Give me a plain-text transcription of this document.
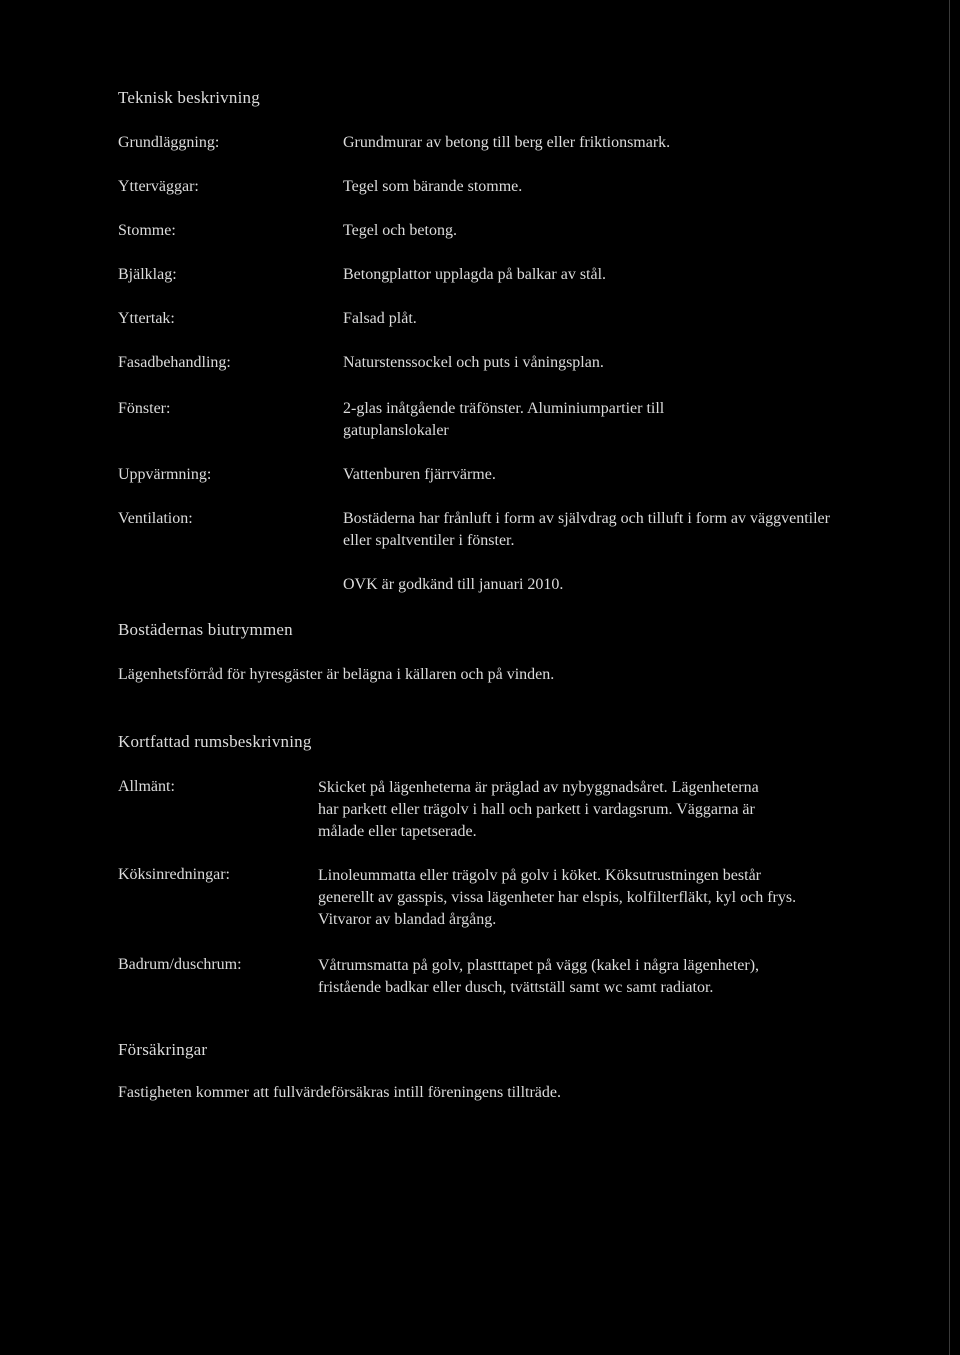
Teknisk beskrivning
Grundläggning:	Grundmurar av betong till berg eller friktionsmark.
Ytterväggar:	Tegel som bärande stomme.
Stomme:	Tegel och betong.
Bjälklag:	Betongplattor upplagda på balkar av stål.
Yttertak:	Falsad plåt.
Fasadbehandling:	Naturstenssockel och puts i våningsplan.
Fönster:	2-glas inåtgående träfönster. Aluminiumpartier till gatuplanslokaler
Uppvärmning:	Vattenburen fjärrvärme.
Ventilation:	Bostäderna har frånluft i form av självdrag och tilluft i form av väggventiler eller spaltventiler i fönster.
OVK är godkänd till januari 2010.
Bostädernas biutrymmen
Lägenhetsförråd för hyresgäster är belägna i källaren och på vinden.
Kortfattad rumsbeskrivning
Allmänt:	Skicket på lägenheterna är präglad av nybyggnadsåret. Lägenheterna har parkett eller trägolv i hall och parkett i vardagsrum. Väggarna är målade eller tapetserade.
Köksinredningar:	Linoleummatta eller trägolv på golv i köket. Köksutrustningen består generellt av gasspis, vissa lägenheter har elspis, kolfilterfläkt, kyl och frys. Vitvaror av blandad årgång.
Badrum/duschrum:	Våtrumsmatta på golv, plastttapet på vägg (kakel i några lägenheter), fristående badkar eller dusch, tvättställ samt wc samt radiator.
Försäkringar
Fastigheten kommer att fullvärdeförsäkras intill föreningens tillträde.
